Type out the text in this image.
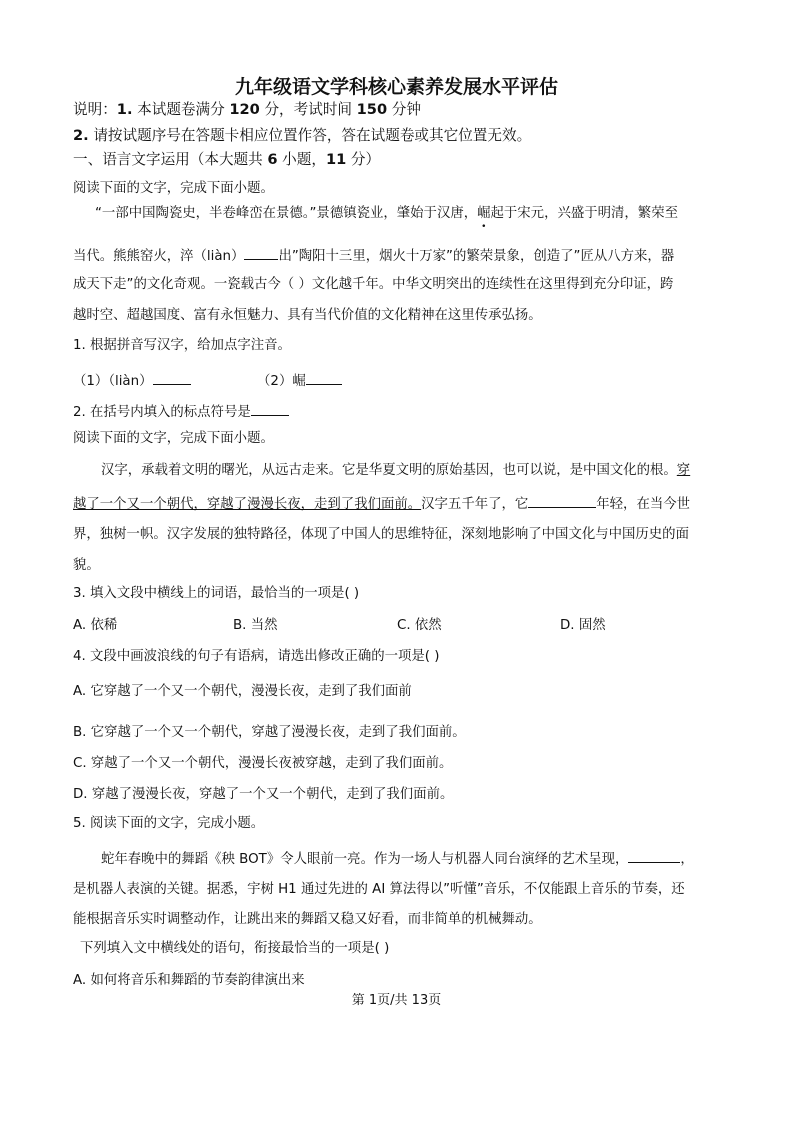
九年级语文学科核心素养发展水平评估
说明：1. 本试题卷满分 120 分，考试时间 150 分钟
2. 请按试题序号在答题卡相应位置作答，答在试题卷或其它位置无效。
一、语言文字运用（本大题共 6 小题，11 分）
阅读下面的文字，完成下面小题。
“一部中国陶瓷史，半卷峰峦在景德。”景德镇瓷业，肇始于汉唐，崛起于宋元，兴盛于明清，繁荣至
当代。熊熊窑火，淬（liàn）	出”陶阳十三里，烟火十万家”的繁荣景象，创造了”匠从八方来，器
成天下走”的文化奇观。一瓷载古今（ ）文化越千年。中华文明突出的连续性在这里得到充分印证，跨
越时空、超越国度、富有永恒魅力、具有当代价值的文化精神在这里传承弘扬。
1. 根据拼音写汉字，给加点字注音。
（1）（liàn）	（2）崛
2. 在括号内填入的标点符号是
阅读下面的文字，完成下面小题。
汉字，承载着文明的曙光，从远古走来。它是华夏文明的原始基因，也可以说，是中国文化的根。穿
越了一个又一个朝代，穿越了漫漫长夜，走到了我们面前。汉字五千年了，它	年轻，在当今世
界，独树一帜。汉字发展的独特路径，体现了中国人的思维特征，深刻地影响了中国文化与中国历史的面
貌。
3. 填入文段中横线上的词语，最恰当的一项是( )
A. 依稀	B. 当然	C. 依然	D. 固然
4. 文段中画波浪线的句子有语病，请选出修改正确的一项是( )
A. 它穿越了一个又一个朝代，漫漫长夜，走到了我们面前
B. 它穿越了一个又一个朝代，穿越了漫漫长夜，走到了我们面前。
C. 穿越了一个又一个朝代，漫漫长夜被穿越，走到了我们面前。
D. 穿越了漫漫长夜，穿越了一个又一个朝代，走到了我们面前。
5. 阅读下面的文字，完成小题。
蛇年春晚中的舞蹈《秧 BOT》令人眼前一亮。作为一场人与机器人同台演绎的艺术呈现，	，
是机器人表演的关键。据悉，宇树 H1 通过先进的 AI 算法得以”听懂”音乐，不仅能跟上音乐的节奏，还
能根据音乐实时调整动作，让跳出来的舞蹈又稳又好看，而非简单的机械舞动。
下列填入文中横线处的语句，衔接最恰当的一项是( )
A. 如何将音乐和舞蹈的节奏韵律演出来
第 1页/共 13页
